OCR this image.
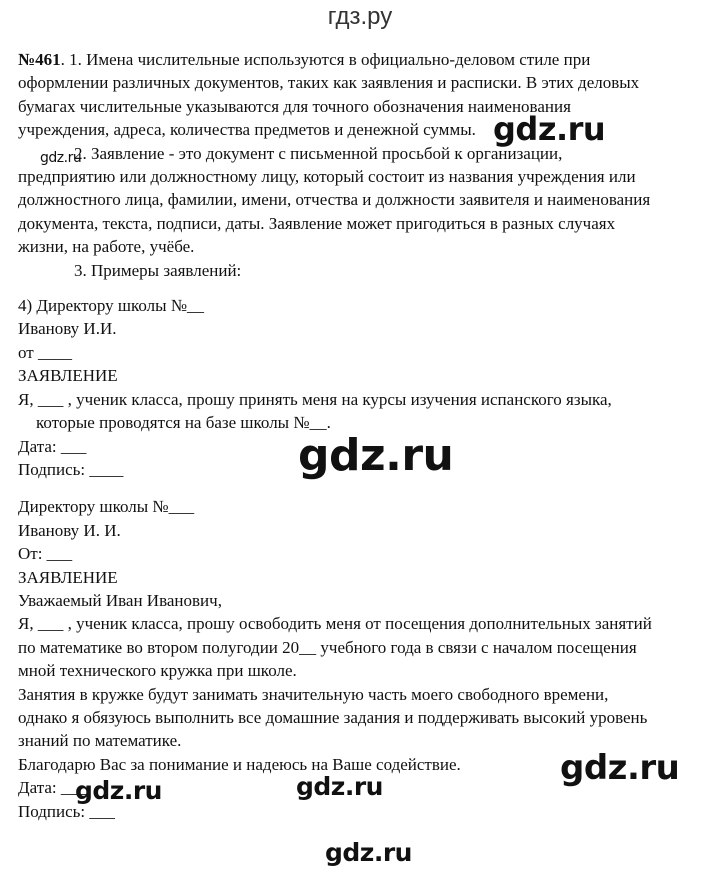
гдз.ру

№461. 1. Имена числительные используются в официально-деловом стиле при
оформлении различных документов, таких как заявления и расписки. В этих деловых
бумагах числительные указываются для точного обозначения наименования
учреждения, адреса, количества предметов и денежной суммы.

2. Заявление - это документ с письменной просьбой к организации,
предприятию или должностному лицу, который состоит из названия учреждения или
должностного лица, фамилии, имени, отчества и должности заявителя и наименования
документа, текста, подписи, даты. Заявление может пригодиться в разных случаях
жизни, на работе, учёбе.

3. Примеры заявлений:

4) Директору школы №__
Иванову И.И.
от ____
ЗАЯВЛЕНИЕ
Я, ___ , ученик класса, прошу принять меня на курсы изучения испанского языка,
которые проводятся на базе школы №__.
Дата: ___
Подпись: ____
Директору школы №___
Иванову И. И.
От: ___
ЗАЯВЛЕНИЕ
Уважаемый Иван Иванович,
Я, ___ , ученик класса, прошу освободить меня от посещения дополнительных занятий
по математике во втором полугодии 20__ учебного года в связи с началом посещения
мной технического кружка при школе.
Занятия в кружке будут занимать значительную часть моего свободного времени,
однако я обязуюсь выполнить все домашние задания и поддерживать высокий уровень
знаний по математике.
Благодарю Вас за понимание и надеюсь на Ваше содействие.
Дата: ___
Подпись: ___
gdz.ru
gdz.ru
gdz.ru
gdz.ru
gdz.ru
gdz.ru
gdz.ru
